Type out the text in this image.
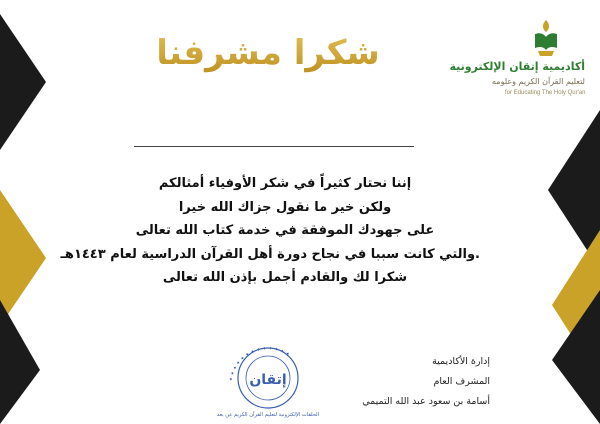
شكرا مشرفنا العزيز
أكاديمية إتقان الإلكترونية
لتعليم القرآن الكريم وعلومه
for Educating The Holy Qur'an

إننا نحتار كثيراً في شكر الأوفياء أمثالكم

ولكن خير ما نقول جزاك الله خيرا

على جهودك الموفقة في خدمة كتاب الله تعالى

.والتي كانت سببا في نجاح دورة أهل القرآن الدراسية لعام ١٤٤٣هـ

شكرا لك والقادم أجمل بإذن الله تعالى

✦ ✦ ✦ ✦ ✦ ✦ ✦ ✦ ✦ ✦ ✦ ✦ ✦
إتقان
الحلقات الإلكترونية لتعليم القرآن الكريم عن بعد

إدارة الأكاديمية

المشرف العام

أسامة بن سعود عبد الله التميمي
